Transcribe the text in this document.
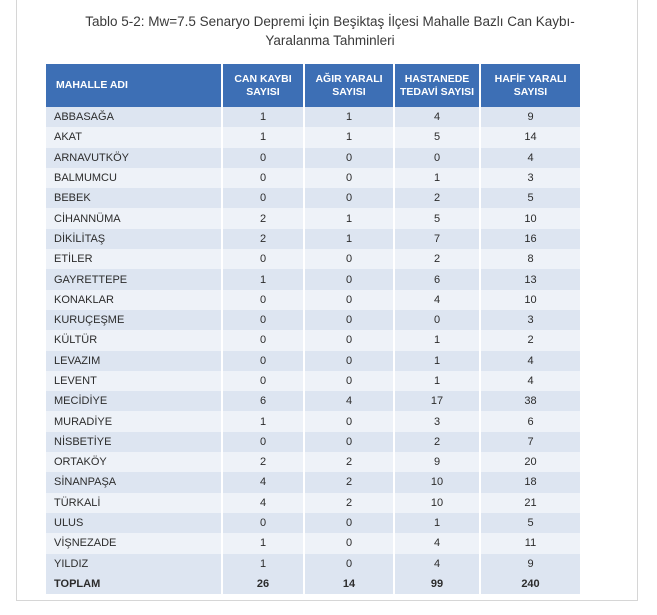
Tablo 5-2: Mw=7.5 Senaryo Depremi İçin Beşiktaş İlçesi Mahalle Bazlı Can Kaybı-
Yaralanma Tahminleri
MAHALLE ADI	CAN KAYBI SAYISI	AĞIR YARALI SAYISI	HASTANEDE TEDAVİ SAYISI	HAFİF YARALI SAYISI
ABBASAĞA	1	1	4	9
AKAT	1	1	5	14
ARNAVUTKÖY	0	0	0	4
BALMUMCU	0	0	1	3
BEBEK	0	0	2	5
CİHANNÜMA	2	1	5	10
DİKİLİTAŞ	2	1	7	16
ETİLER	0	0	2	8
GAYRETTEPE	1	0	6	13
KONAKLAR	0	0	4	10
KURUÇEŞME	0	0	0	3
KÜLTÜR	0	0	1	2
LEVAZIM	0	0	1	4
LEVENT	0	0	1	4
MECİDİYE	6	4	17	38
MURADİYE	1	0	3	6
NİSBETİYE	0	0	2	7
ORTAKÖY	2	2	9	20
SİNANPAŞA	4	2	10	18
TÜRKALİ	4	2	10	21
ULUS	0	0	1	5
VİŞNEZADE	1	0	4	11
YILDIZ	1	0	4	9
TOPLAM	26	14	99	240
